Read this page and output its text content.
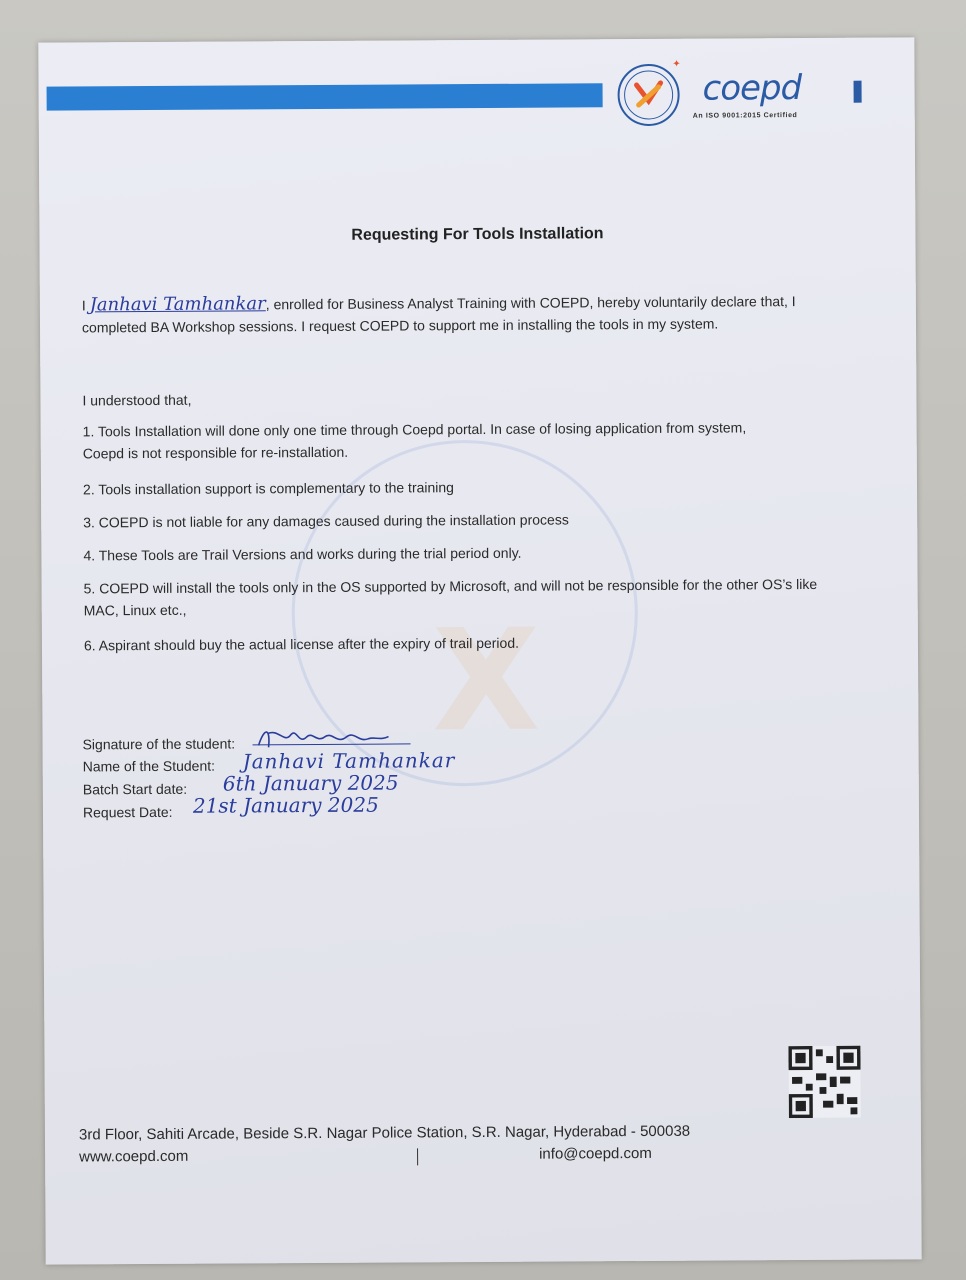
✦
coepd
An ISO 9001:2015 Certified
X
Requesting For Tools Installation
I Janhavi Tamhankar, enrolled for Business Analyst Training with COEPD, hereby voluntarily declare that, I
completed BA Workshop sessions. I request COEPD to support me in installing the tools in my system.
I understood that,
1. Tools Installation will done only one time through Coepd portal. In case of losing application from system,
Coepd is not responsible for re-installation.
2. Tools installation support is complementary to the training
3. COEPD is not liable for any damages caused during the installation process
4. These Tools are Trail Versions and works during the trial period only.
5. COEPD will install the tools only in the OS supported by Microsoft, and will not be responsible for the other OS’s like
MAC, Linux etc.,
6. Aspirant should buy the actual license after the expiry of trail period.
Signature of the student:
Name of the Student:
Batch Start date:
Request Date:
Janhavi Tamhankar
6th January 2025
21st January 2025
3rd Floor, Sahiti Arcade, Beside S.R. Nagar Police Station, S.R. Nagar, Hyderabad - 500038
www.coepd.com	info@coepd.com
